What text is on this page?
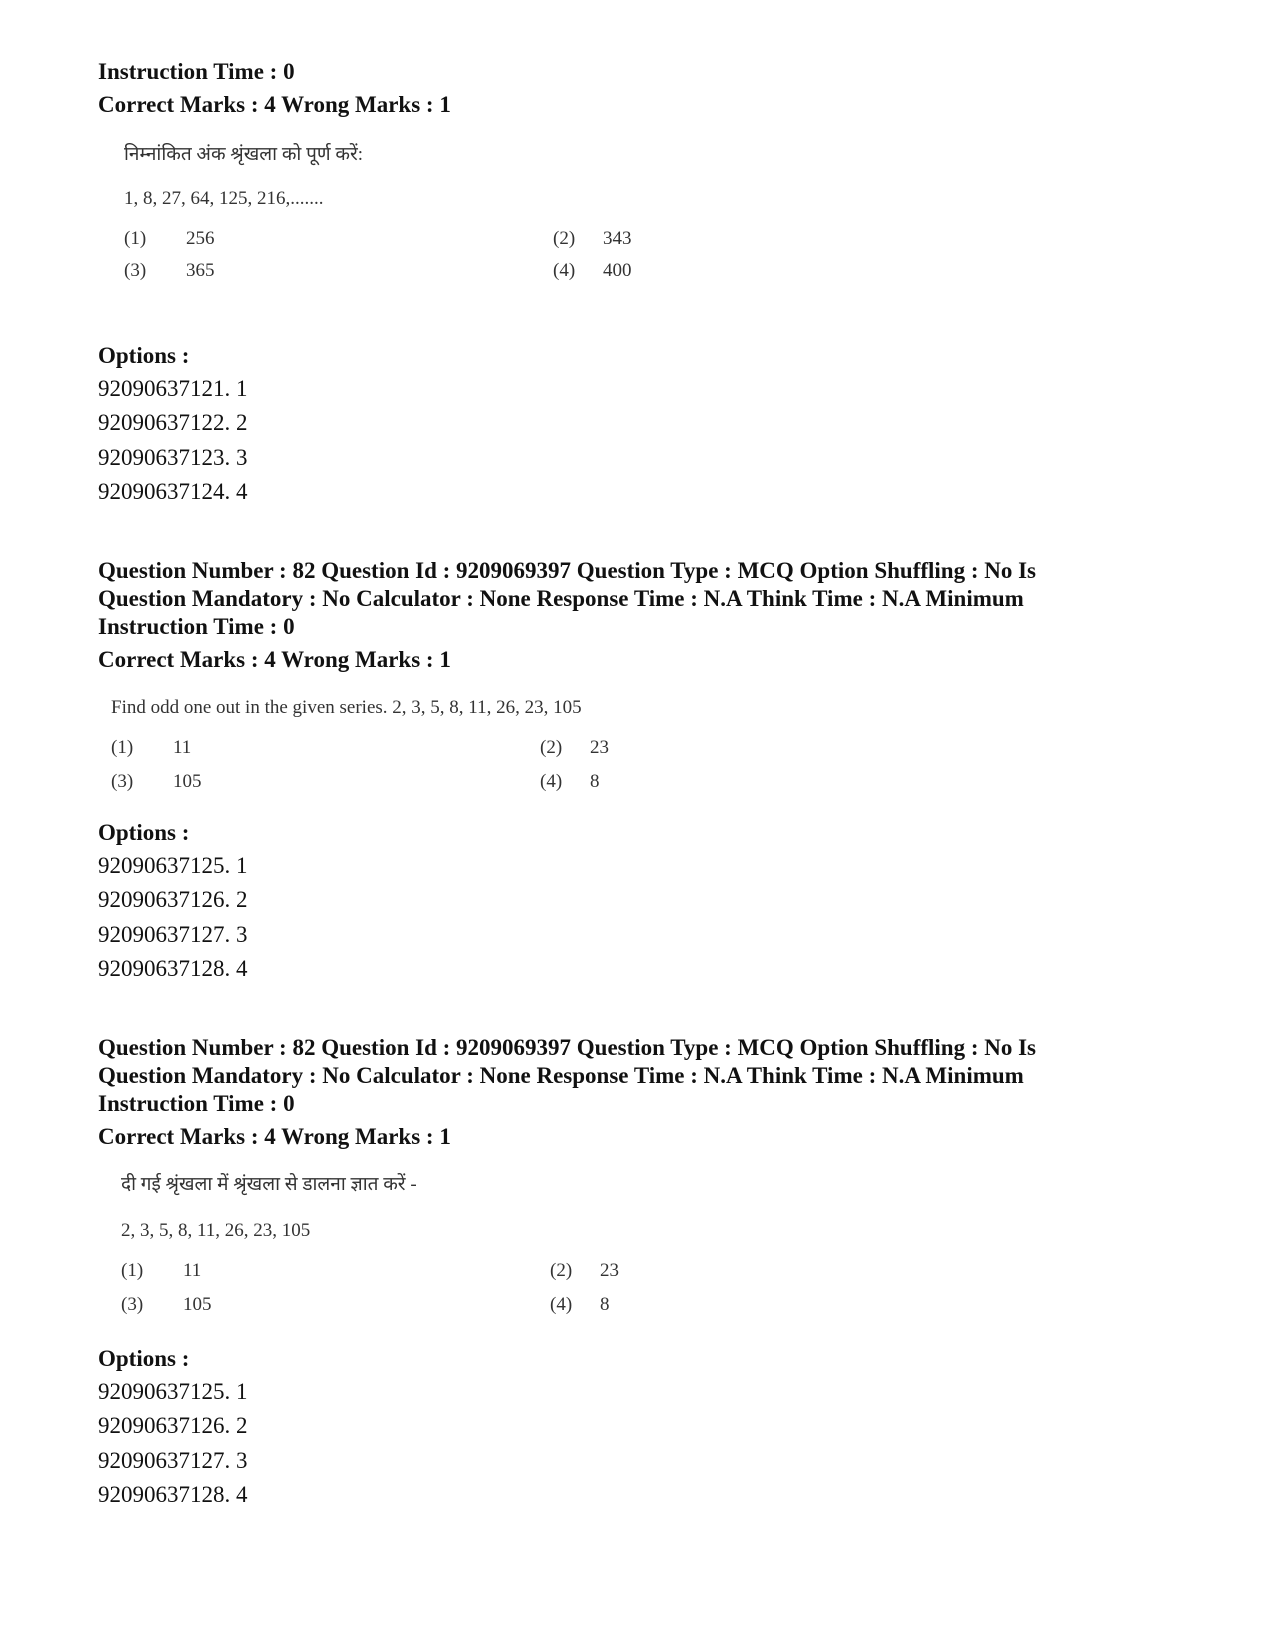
Instruction Time : 0
Correct Marks : 4 Wrong Marks : 1
निम्नांकित अंक श्रृंखला को पूर्ण करें:
1, 8, 27, 64, 125, 216,.......
(1) 256	(2) 343
(3) 365	(4) 400
Options :
92090637121. 1
92090637122. 2
92090637123. 3
92090637124. 4
Question Number : 82 Question Id : 9209069397 Question Type : MCQ Option Shuffling : No Is
Question Mandatory : No Calculator : None Response Time : N.A Think Time : N.A Minimum
Instruction Time : 0
Correct Marks : 4 Wrong Marks : 1
Find odd one out in the given series. 2, 3, 5, 8, 11, 26, 23, 105
(1) 11	(2) 23
(3) 105	(4) 8
Options :
92090637125. 1
92090637126. 2
92090637127. 3
92090637128. 4
Question Number : 82 Question Id : 9209069397 Question Type : MCQ Option Shuffling : No Is
Question Mandatory : No Calculator : None Response Time : N.A Think Time : N.A Minimum
Instruction Time : 0
Correct Marks : 4 Wrong Marks : 1
दी गई श्रृंखला में श्रृंखला से डालना ज्ञात करें -
2, 3, 5, 8, 11, 26, 23, 105
(1) 11	(2) 23
(3) 105	(4) 8
Options :
92090637125. 1
92090637126. 2
92090637127. 3
92090637128. 4
